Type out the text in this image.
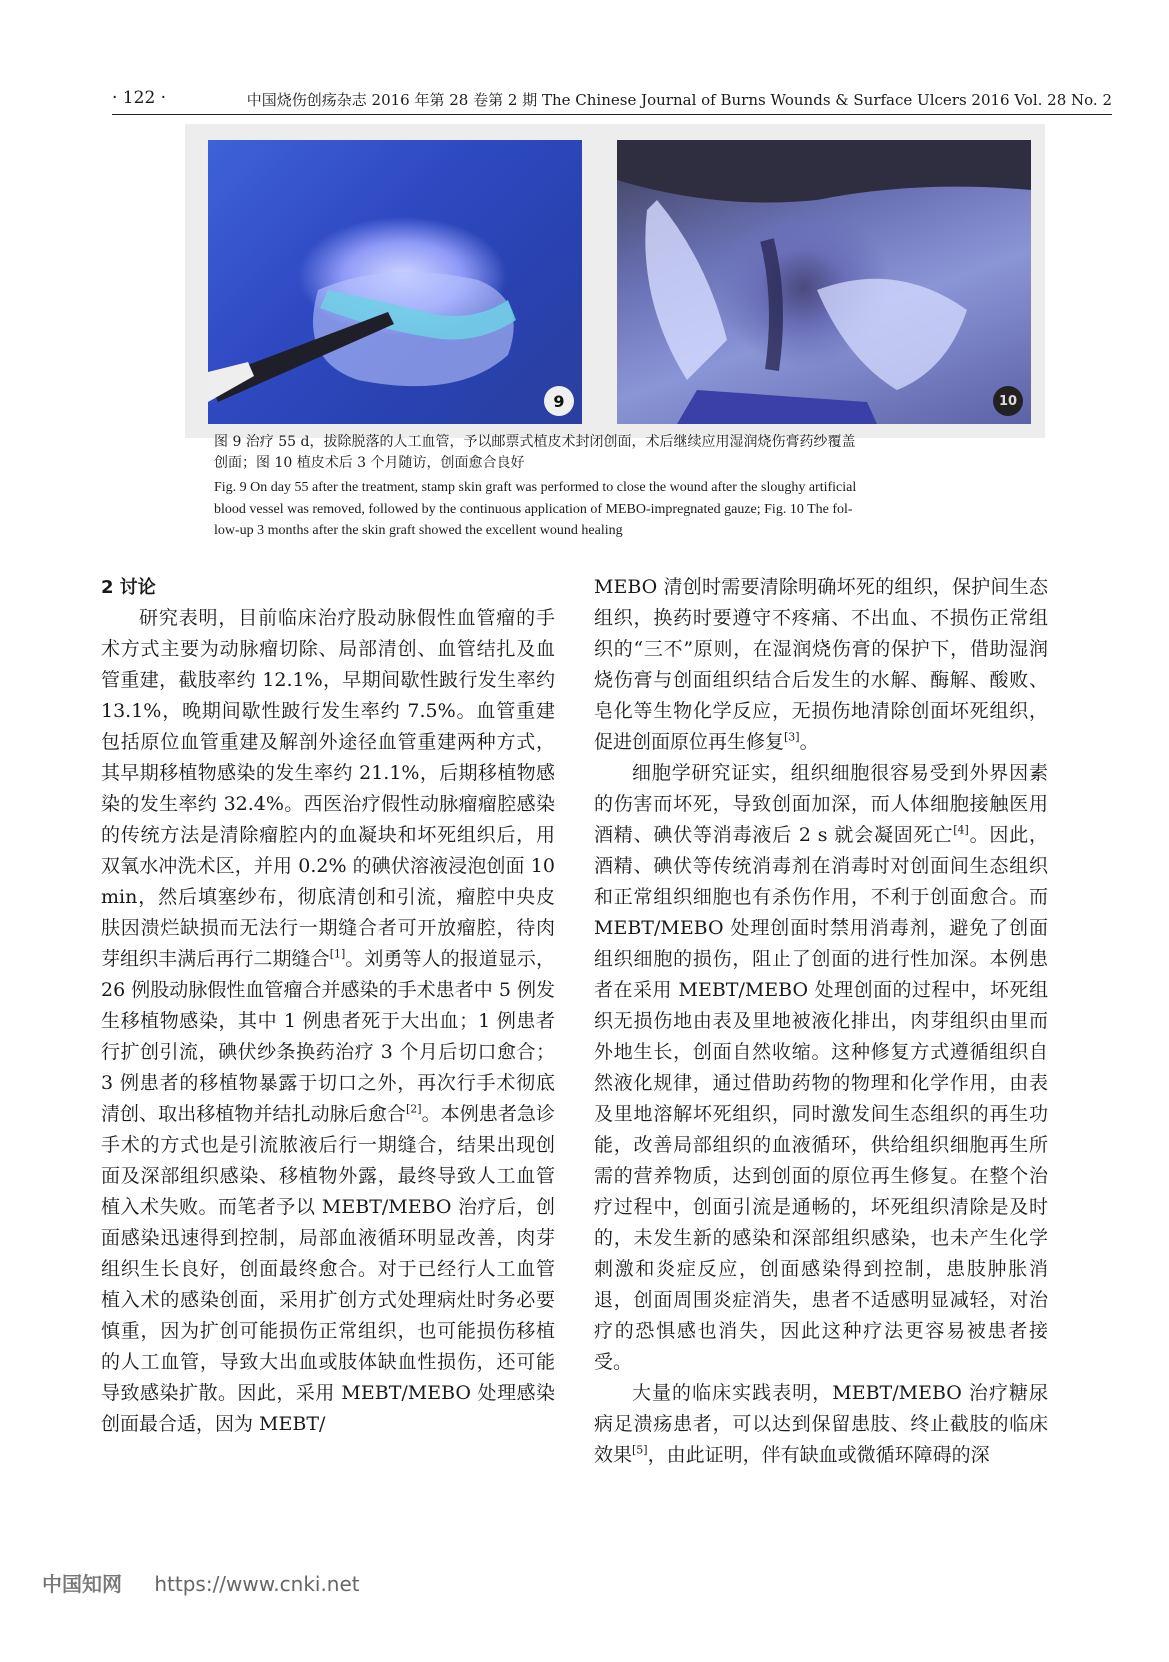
· 122 ·	中国烧伤创疡杂志 2016 年第 28 卷第 2 期 The Chinese Journal of Burns Wounds & Surface Ulcers 2016 Vol. 28 No. 2
9	10

图 9 治疗 55 d，拔除脱落的人工血管，予以邮票式植皮术封闭创面，术后继续应用湿润烧伤膏药纱覆盖

创面；图 10 植皮术后 3 个月随访，创面愈合良好

Fig. 9 On day 55 after the treatment, stamp skin graft was performed to close the wound after the sloughy artificial

blood vessel was removed, followed by the continuous application of MEBO-impregnated gauze; Fig. 10 The fol-

low-up 3 months after the skin graft showed the excellent wound healing

2 讨论

研究表明，目前临床治疗股动脉假性血管瘤的手术方式主要为动脉瘤切除、局部清创、血管结扎及血管重建，截肢率约 12.1%，早期间歇性跛行发生率约 13.1%，晚期间歇性跛行发生率约 7.5%。血管重建包括原位血管重建及解剖外途径血管重建两种方式，其早期移植物感染的发生率约 21.1%，后期移植物感染的发生率约 32.4%。西医治疗假性动脉瘤瘤腔感染的传统方法是清除瘤腔内的血凝块和坏死组织后，用双氧水冲洗术区，并用 0.2% 的碘伏溶液浸泡创面 10 min，然后填塞纱布，彻底清创和引流，瘤腔中央皮肤因溃烂缺损而无法行一期缝合者可开放瘤腔，待肉芽组织丰满后再行二期缝合[1]。刘勇等人的报道显示，26 例股动脉假性血管瘤合并感染的手术患者中 5 例发生移植物感染，其中 1 例患者死于大出血；1 例患者行扩创引流，碘伏纱条换药治疗 3 个月后切口愈合；3 例患者的移植物暴露于切口之外，再次行手术彻底清创、取出移植物并结扎动脉后愈合[2]。本例患者急诊手术的方式也是引流脓液后行一期缝合，结果出现创面及深部组织感染、移植物外露，最终导致人工血管植入术失败。而笔者予以 MEBT/MEBO 治疗后，创面感染迅速得到控制，局部血液循环明显改善，肉芽组织生长良好，创面最终愈合。对于已经行人工血管植入术的感染创面，采用扩创方式处理病灶时务必要慎重，因为扩创可能损伤正常组织，也可能损伤移植的人工血管，导致大出血或肢体缺血性损伤，还可能导致感染扩散。因此，采用 MEBT/MEBO 处理感染创面最合适，因为 MEBT/

MEBO 清创时需要清除明确坏死的组织，保护间生态组织，换药时要遵守不疼痛、不出血、不损伤正常组织的“三不”原则，在湿润烧伤膏的保护下，借助湿润烧伤膏与创面组织结合后发生的水解、酶解、酸败、皂化等生物化学反应，无损伤地清除创面坏死组织，促进创面原位再生修复[3]。

细胞学研究证实，组织细胞很容易受到外界因素的伤害而坏死，导致创面加深，而人体细胞接触医用酒精、碘伏等消毒液后 2 s 就会凝固死亡[4]。因此，酒精、碘伏等传统消毒剂在消毒时对创面间生态组织和正常组织细胞也有杀伤作用，不利于创面愈合。而 MEBT/MEBO 处理创面时禁用消毒剂，避免了创面组织细胞的损伤，阻止了创面的进行性加深。本例患者在采用 MEBT/MEBO 处理创面的过程中，坏死组织无损伤地由表及里地被液化排出，肉芽组织由里而外地生长，创面自然收缩。这种修复方式遵循组织自然液化规律，通过借助药物的物理和化学作用，由表及里地溶解坏死组织，同时激发间生态组织的再生功能，改善局部组织的血液循环，供给组织细胞再生所需的营养物质，达到创面的原位再生修复。在整个治疗过程中，创面引流是通畅的，坏死组织清除是及时的，未发生新的感染和深部组织感染，也未产生化学刺激和炎症反应，创面感染得到控制，患肢肿胀消退，创面周围炎症消失，患者不适感明显减轻，对治疗的恐惧感也消失，因此这种疗法更容易被患者接受。

大量的临床实践表明，MEBT/MEBO 治疗糖尿病足溃疡患者，可以达到保留患肢、终止截肢的临床效果[5]，由此证明，伴有缺血或微循环障碍的深

中国知网 https://www.cnki.net
